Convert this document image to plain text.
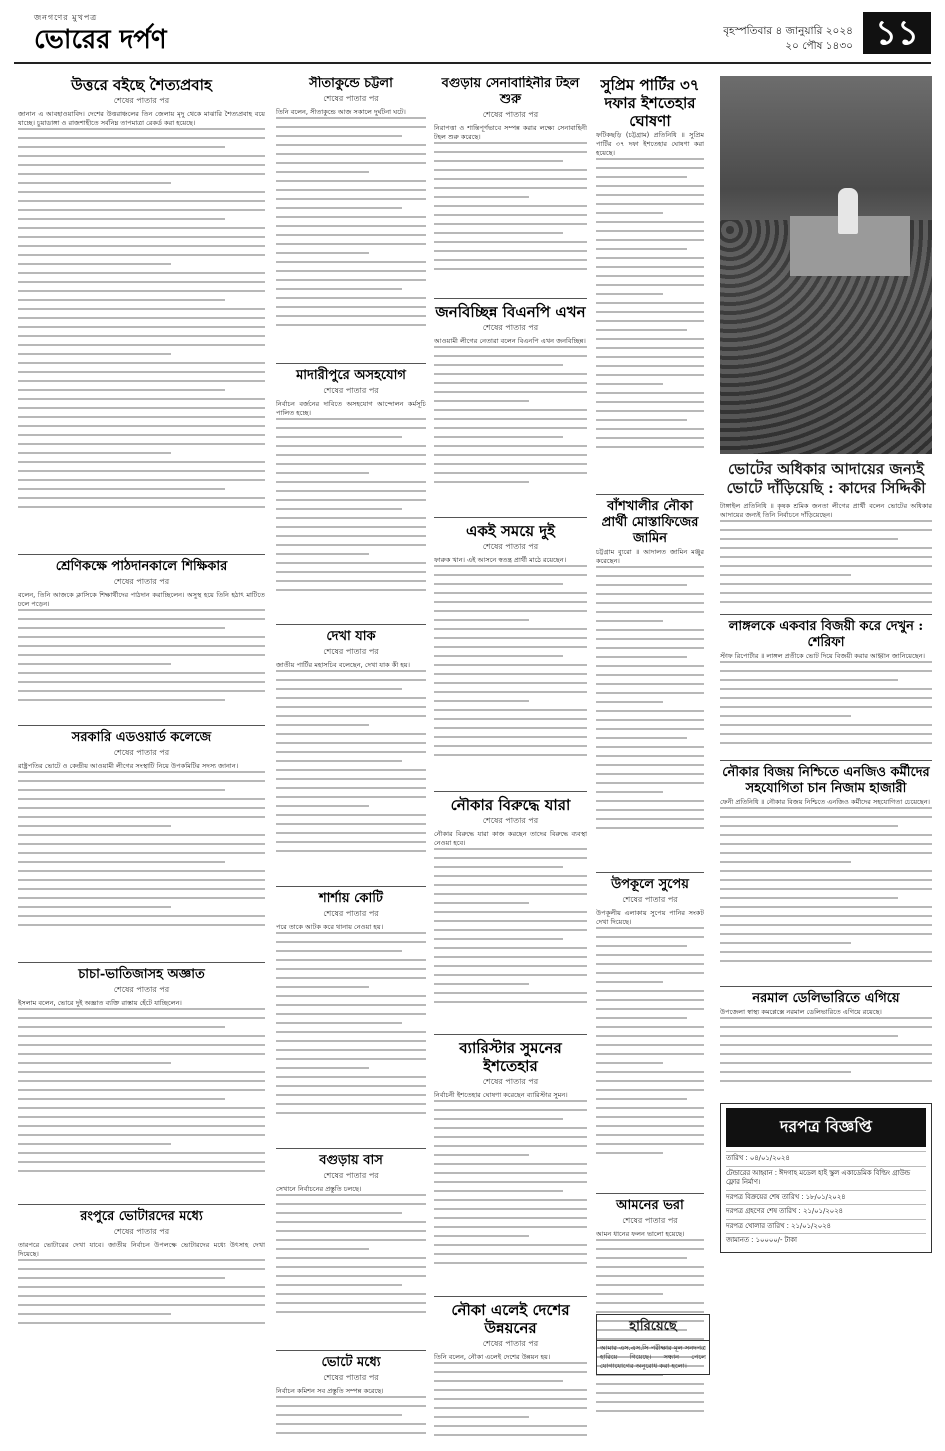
জনগণের মুখপত্র
ভোরের দর্পণ	বৃহস্পতিবার ৪ জানুয়ারি ২০২৪
২০ পৌষ ১৪৩০ ১১
উত্তরে বইছে শৈত্যপ্রবাহ
শেষের পাতার পর
জানান এ আবহাওয়াবিদ। দেশের উত্তরাঞ্চলের তিন জেলায় মৃদু থেকে মাঝারি শৈত্যপ্রবাহ বয়ে যাচ্ছে। চুয়াডাঙ্গা ও রাজশাহীতে সর্বনিম্ন তাপমাত্রা রেকর্ড করা হয়েছে।
শ্রেণিকক্ষে পাঠদানকালে শিক্ষিকার
শেষের পাতার পর
বলেন, তিনি আজকে ক্লাসিকে শিক্ষার্থীদের পাঠদান করাচ্ছিলেন। অসুস্থ হয়ে তিনি হঠাৎ মাটিতে ঢলে পড়েন।
সরকারি এডওয়ার্ড কলেজে
শেষের পাতার পর
রাষ্ট্রপতির ভোটে ও কেন্দ্রীয় আওয়ামী লীগের সংস্থাটি নিয়ে উপকমিটির সদস্য জানান।
চাচা-ভাতিজাসহ অজ্ঞাত
শেষের পাতার পর
ইসলাম বলেন, ভোরে দুই অজ্ঞাত ব্যক্তি রাস্তায় হেঁটে যাচ্ছিলেন।
রংপুরে ভোটারদের মধ্যে
শেষের পাতার পর
তারপরে ভোটারের দেখা যাবে। জাতীয় নির্বাচন উপলক্ষে ভোটারদের মধ্যে উৎসাহ দেখা দিয়েছে।
সীতাকুন্ডে চট্টলা
শেষের পাতার পর
তিনি বলেন, সীতাকুন্ডে আজ সকালে দুর্ঘটনা ঘটে।
মাদারীপুরে অসহযোগ
শেষের পাতার পর
নির্বাচন বর্জনের দাবিতে অসহযোগ আন্দোলন কর্মসূচি পালিত হচ্ছে।
দেখা যাক
শেষের পাতার পর
জাতীয় পার্টির মহাসচিব বলেছেন, দেখা যাক কী হয়।
শার্শায় কোটি
শেষের পাতার পর
পরে তাকে আটক করে থানায় নেওয়া হয়।
বগুড়ায় বাস
শেষের পাতার পর
সেখানে নির্বাচনের প্রস্তুতি চলছে।
ভোটে মধ্যে
শেষের পাতার পর
নির্বাচন কমিশন সব প্রস্তুতি সম্পন্ন করেছে।
বগুড়ায় সেনাবাহিনীর টহল শুরু
শেষের পাতার পর
নিরাপত্তা ও শান্তিপূর্ণভাবে সম্পন্ন করার লক্ষ্যে সেনাবাহিনী টহল শুরু করেছে।
জনবিচ্ছিন্ন বিএনপি এখন
শেষের পাতার পর
আওয়ামী লীগের নেতারা বলেন বিএনপি এখন জনবিচ্ছিন্ন।
একই সময়ে দুই
শেষের পাতার পর
ফারুক খান। এই আসনে স্বতন্ত্র প্রার্থী মাঠে রয়েছেন।
নৌকার বিরুদ্ধে যারা
শেষের পাতার পর
নৌকার বিরুদ্ধে যারা কাজ করছেন তাদের বিরুদ্ধে ব্যবস্থা নেওয়া হবে।
ব্যারিস্টার সুমনের ইশতেহার
শেষের পাতার পর
নির্বাচনী ইশতেহার ঘোষণা করেছেন ব্যারিস্টার সুমন।
নৌকা এলেই দেশের উন্নয়নের
শেষের পাতার পর
তিনি বলেন, নৌকা এলেই দেশের উন্নয়ন হয়।
সুপ্রিম পার্টির ৩৭ দফার ইশতেহার ঘোষণা
ফটিকছড়ি (চট্টগ্রাম) প্রতিনিধি ॥ সুপ্রিম পার্টির ৩৭ দফা ইশতেহার ঘোষণা করা হয়েছে।
বাঁশখালীর নৌকা প্রার্থী মোস্তাফিজের জামিন
চট্টগ্রাম ব্যুরো ॥ আদালত জামিন মঞ্জুর করেছেন।
উপকূলে সুপেয়
শেষের পাতার পর
উপকূলীয় এলাকায় সুপেয় পানির সংকট দেখা দিয়েছে।
আমনের ভরা
শেষের পাতার পর
আমন ধানের ফলন ভালো হয়েছে।
ভোটের অধিকার আদায়ের জন্যই ভোটে দাঁড়িয়েছি : কাদের সিদ্দিকী
টাঙ্গাইল প্রতিনিধি ॥ কৃষক শ্রমিক জনতা লীগের প্রার্থী বলেন ভোটের অধিকার আদায়ের জন্যই তিনি নির্বাচনে দাঁড়িয়েছেন।
লাঙ্গলকে একবার বিজয়ী করে দেখুন : শেরিফা
স্টাফ রিপোর্টার ॥ লাঙ্গল প্রতীকে ভোট দিয়ে বিজয়ী করার আহ্বান জানিয়েছেন।
নৌকার বিজয় নিশ্চিতে এনজিও কর্মীদের সহযোগিতা চান নিজাম হাজারী
ফেনী প্রতিনিধি ॥ নৌকার বিজয় নিশ্চিতে এনজিও কর্মীদের সহযোগিতা চেয়েছেন।
নরমাল ডেলিভারিতে এগিয়ে
উপজেলা স্বাস্থ্য কমপ্লেক্সে নরমাল ডেলিভারিতে এগিয়ে রয়েছে।
দরপত্র বিজ্ঞপ্তি
তারিখ : ০৪/০১/২০২৪
টেন্ডারের আহ্বান : ঈদগাহ মডেল হাই স্কুল একাডেমিক বিল্ডিং গ্রাউন্ড ফ্লোর নির্মাণ।
দরপত্র বিক্রয়ের শেষ তারিখ : ১৮/০১/২০২৪
দরপত্র গ্রহণের শেষ তারিখ : ২১/০১/২০২৪
দরপত্র খোলার তারিখ : ২১/০১/২০২৪
জামানত : ১০০০০/- টাকা
হারিয়েছে
আমার এস.এস.সি পরীক্ষার মূল সনদপত্র হারিয়ে গিয়েছে। সন্ধান পেলে যোগাযোগের অনুরোধ করা হলো।
